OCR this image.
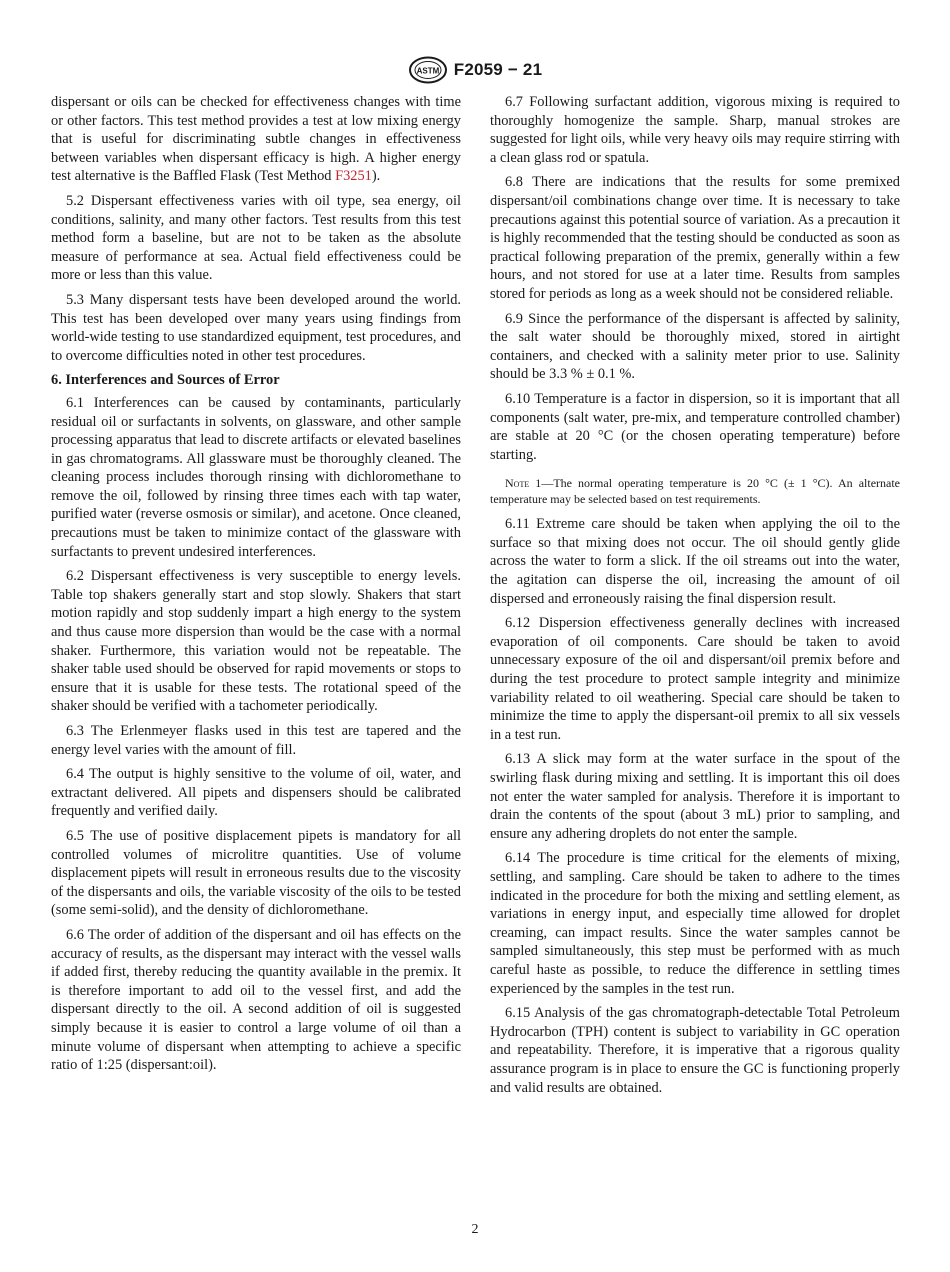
ASTM F2059 − 21

dispersant or oils can be checked for effectiveness changes with time or other factors. This test method provides a test at low mixing energy that is useful for discriminating subtle changes in effectiveness between variables when dispersant efficacy is high. A higher energy test alternative is the Baffled Flask (Test Method F3251).

5.2 Dispersant effectiveness varies with oil type, sea energy, oil conditions, salinity, and many other factors. Test results from this test method form a baseline, but are not to be taken as the absolute measure of performance at sea. Actual field effectiveness could be more or less than this value.

5.3 Many dispersant tests have been developed around the world. This test has been developed over many years using findings from world-wide testing to use standardized equipment, test procedures, and to overcome difficulties noted in other test procedures.

6. Interferences and Sources of Error

6.1 Interferences can be caused by contaminants, particularly residual oil or surfactants in solvents, on glassware, and other sample processing apparatus that lead to discrete artifacts or elevated baselines in gas chromatograms. All glassware must be thoroughly cleaned. The cleaning process includes thorough rinsing with dichloromethane to remove the oil, followed by rinsing three times each with tap water, purified water (reverse osmosis or similar), and acetone. Once cleaned, precautions must be taken to minimize contact of the glassware with surfactants to prevent undesired interferences.

6.2 Dispersant effectiveness is very susceptible to energy levels. Table top shakers generally start and stop slowly. Shakers that start motion rapidly and stop suddenly impart a high energy to the system and thus cause more dispersion than would be the case with a normal shaker. Furthermore, this variation would not be repeatable. The shaker table used should be observed for rapid movements or stops to ensure that it is usable for these tests. The rotational speed of the shaker should be verified with a tachometer periodically.

6.3 The Erlenmeyer flasks used in this test are tapered and the energy level varies with the amount of fill.

6.4 The output is highly sensitive to the volume of oil, water, and extractant delivered. All pipets and dispensers should be calibrated frequently and verified daily.

6.5 The use of positive displacement pipets is mandatory for all controlled volumes of microlitre quantities. Use of volume displacement pipets will result in erroneous results due to the viscosity of the dispersants and oils, the variable viscosity of the oils to be tested (some semi-solid), and the density of dichloromethane.

6.6 The order of addition of the dispersant and oil has effects on the accuracy of results, as the dispersant may interact with the vessel walls if added first, thereby reducing the quantity available in the premix. It is therefore important to add oil to the vessel first, and add the dispersant directly to the oil. A second addition of oil is suggested simply because it is easier to control a large volume of oil than a minute volume of dispersant when attempting to achieve a specific ratio of 1:25 (dispersant:oil).

6.7 Following surfactant addition, vigorous mixing is required to thoroughly homogenize the sample. Sharp, manual strokes are suggested for light oils, while very heavy oils may require stirring with a clean glass rod or spatula.

6.8 There are indications that the results for some premixed dispersant/oil combinations change over time. It is necessary to take precautions against this potential source of variation. As a precaution it is highly recommended that the testing should be conducted as soon as practical following preparation of the premix, generally within a few hours, and not stored for use at a later time. Results from samples stored for periods as long as a week should not be considered reliable.

6.9 Since the performance of the dispersant is affected by salinity, the salt water should be thoroughly mixed, stored in airtight containers, and checked with a salinity meter prior to use. Salinity should be 3.3 % ± 0.1 %.

6.10 Temperature is a factor in dispersion, so it is important that all components (salt water, pre-mix, and temperature controlled chamber) are stable at 20 °C (or the chosen operating temperature) before starting.

Note 1—The normal operating temperature is 20 °C (± 1 °C). An alternate temperature may be selected based on test requirements.

6.11 Extreme care should be taken when applying the oil to the surface so that mixing does not occur. The oil should gently glide across the water to form a slick. If the oil streams out into the water, the agitation can disperse the oil, increasing the amount of oil dispersed and erroneously raising the final dispersion result.

6.12 Dispersion effectiveness generally declines with increased evaporation of oil components. Care should be taken to avoid unnecessary exposure of the oil and dispersant/oil premix before and during the test procedure to protect sample integrity and minimize variability related to oil weathering. Special care should be taken to minimize the time to apply the dispersant-oil premix to all six vessels in a test run.

6.13 A slick may form at the water surface in the spout of the swirling flask during mixing and settling. It is important this oil does not enter the water sampled for analysis. Therefore it is important to drain the contents of the spout (about 3 mL) prior to sampling, and ensure any adhering droplets do not enter the sample.

6.14 The procedure is time critical for the elements of mixing, settling, and sampling. Care should be taken to adhere to the times indicated in the procedure for both the mixing and settling element, as variations in energy input, and especially time allowed for droplet creaming, can impact results. Since the water samples cannot be sampled simultaneously, this step must be performed with as much careful haste as possible, to reduce the difference in settling times experienced by the samples in the test run.

6.15 Analysis of the gas chromatograph-detectable Total Petroleum Hydrocarbon (TPH) content is subject to variability in GC operation and repeatability. Therefore, it is imperative that a rigorous quality assurance program is in place to ensure the GC is functioning properly and valid results are obtained.

2
